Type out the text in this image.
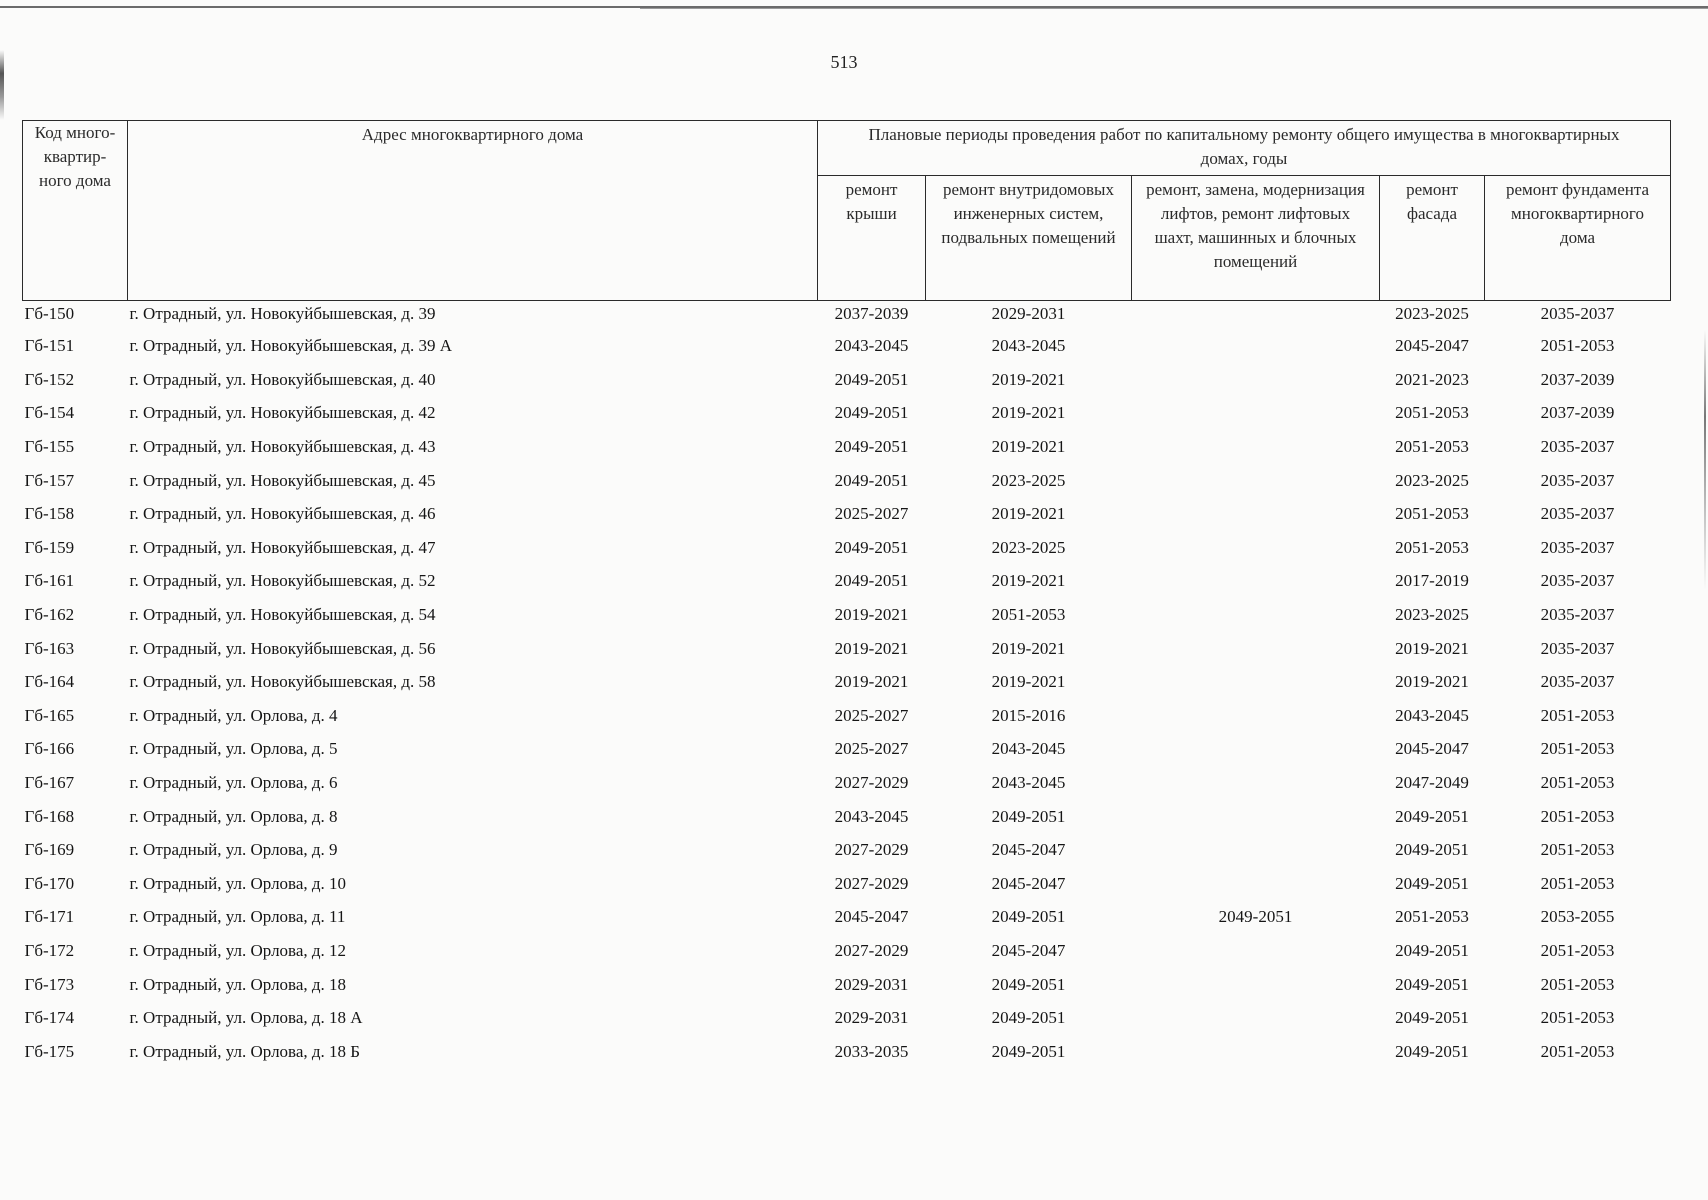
513
Код много-квартир-ного дома	Адрес многоквартирного дома	Плановые периоды проведения работ по капитальному ремонту общего имущества в многоквартирных домах, годы				
		ремонт крыши	ремонт внутридомовых инженерных систем, подвальных помещений	ремонт, замена, модернизация лифтов, ремонт лифтовых шахт, машинных и блочных помещений	ремонт фасада	ремонт фундамента многоквартирного дома
Гб-150	г. Отрадный, ул. Новокуйбышевская, д. 39	2037-2039	2029-2031		2023-2025	2035-2037
Гб-151	г. Отрадный, ул. Новокуйбышевская, д. 39 А	2043-2045	2043-2045		2045-2047	2051-2053
Гб-152	г. Отрадный, ул. Новокуйбышевская, д. 40	2049-2051	2019-2021		2021-2023	2037-2039
Гб-154	г. Отрадный, ул. Новокуйбышевская, д. 42	2049-2051	2019-2021		2051-2053	2037-2039
Гб-155	г. Отрадный, ул. Новокуйбышевская, д. 43	2049-2051	2019-2021		2051-2053	2035-2037
Гб-157	г. Отрадный, ул. Новокуйбышевская, д. 45	2049-2051	2023-2025		2023-2025	2035-2037
Гб-158	г. Отрадный, ул. Новокуйбышевская, д. 46	2025-2027	2019-2021		2051-2053	2035-2037
Гб-159	г. Отрадный, ул. Новокуйбышевская, д. 47	2049-2051	2023-2025		2051-2053	2035-2037
Гб-161	г. Отрадный, ул. Новокуйбышевская, д. 52	2049-2051	2019-2021		2017-2019	2035-2037
Гб-162	г. Отрадный, ул. Новокуйбышевская, д. 54	2019-2021	2051-2053		2023-2025	2035-2037
Гб-163	г. Отрадный, ул. Новокуйбышевская, д. 56	2019-2021	2019-2021		2019-2021	2035-2037
Гб-164	г. Отрадный, ул. Новокуйбышевская, д. 58	2019-2021	2019-2021		2019-2021	2035-2037
Гб-165	г. Отрадный, ул. Орлова, д. 4	2025-2027	2015-2016		2043-2045	2051-2053
Гб-166	г. Отрадный, ул. Орлова, д. 5	2025-2027	2043-2045		2045-2047	2051-2053
Гб-167	г. Отрадный, ул. Орлова, д. 6	2027-2029	2043-2045		2047-2049	2051-2053
Гб-168	г. Отрадный, ул. Орлова, д. 8	2043-2045	2049-2051		2049-2051	2051-2053
Гб-169	г. Отрадный, ул. Орлова, д. 9	2027-2029	2045-2047		2049-2051	2051-2053
Гб-170	г. Отрадный, ул. Орлова, д. 10	2027-2029	2045-2047		2049-2051	2051-2053
Гб-171	г. Отрадный, ул. Орлова, д. 11	2045-2047	2049-2051	2049-2051	2051-2053	2053-2055
Гб-172	г. Отрадный, ул. Орлова, д. 12	2027-2029	2045-2047		2049-2051	2051-2053
Гб-173	г. Отрадный, ул. Орлова, д. 18	2029-2031	2049-2051		2049-2051	2051-2053
Гб-174	г. Отрадный, ул. Орлова, д. 18 А	2029-2031	2049-2051		2049-2051	2051-2053
Гб-175	г. Отрадный, ул. Орлова, д. 18 Б	2033-2035	2049-2051		2049-2051	2051-2053
